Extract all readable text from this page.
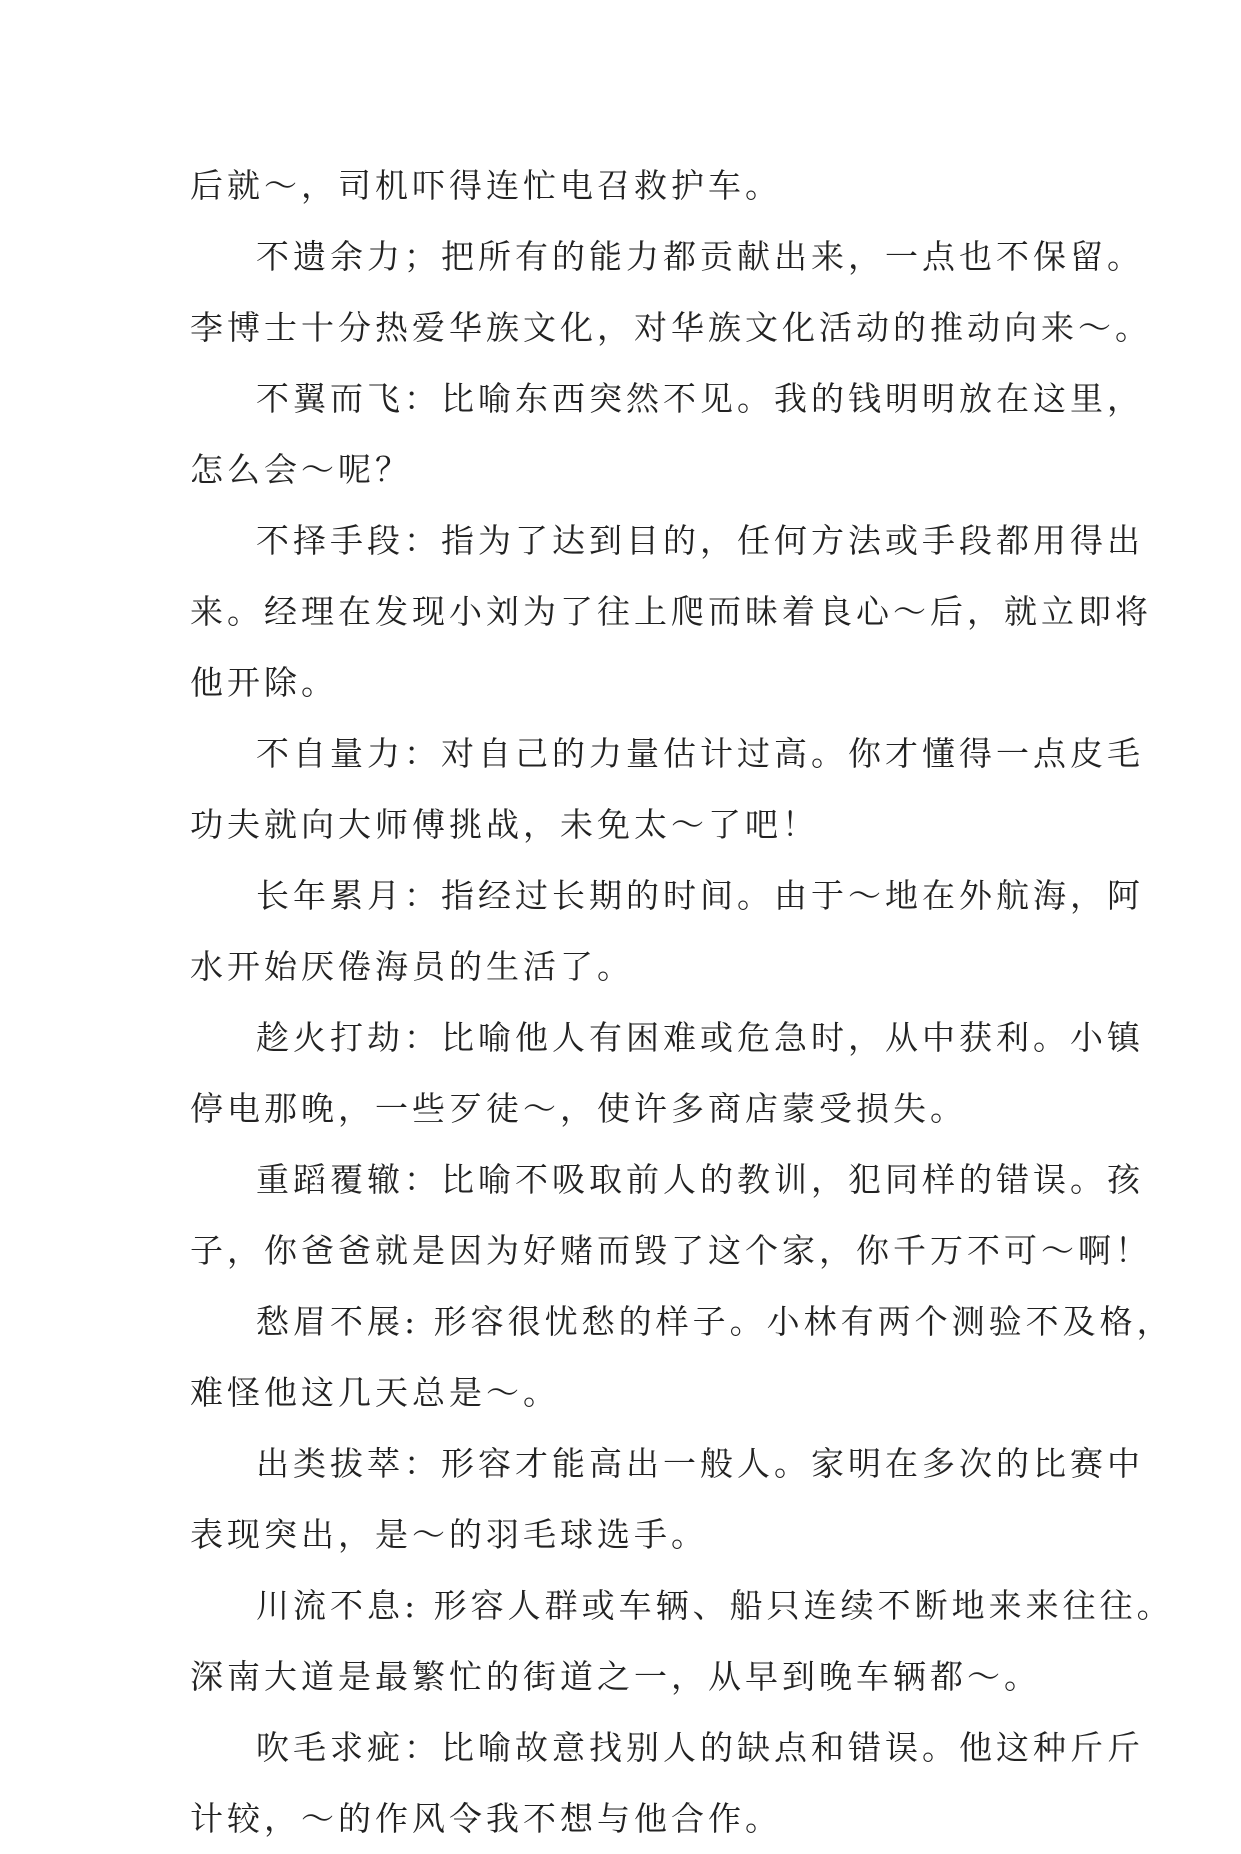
后就～，司机吓得连忙电召救护车。
不遗余力；把所有的能力都贡献出来，一点也不保留。
李博士十分热爱华族文化，对华族文化活动的推动向来～。
不翼而飞：比喻东西突然不见。我的钱明明放在这里，
怎么会～呢？
不择手段：指为了达到目的，任何方法或手段都用得出
来。经理在发现小刘为了往上爬而昧着良心～后，就立即将
他开除。
不自量力：对自己的力量估计过高。你才懂得一点皮毛
功夫就向大师傅挑战，未免太～了吧！
长年累月：指经过长期的时间。由于～地在外航海，阿
水开始厌倦海员的生活了。
趁火打劫：比喻他人有困难或危急时，从中获利。小镇
停电那晚，一些歹徒～，使许多商店蒙受损失。
重蹈覆辙：比喻不吸取前人的教训，犯同样的错误。孩
子，你爸爸就是因为好赌而毁了这个家，你千万不可～啊！
愁眉不展: 形容很忧愁的样子。小林有两个测验不及格，
难怪他这几天总是～。
出类拔萃：形容才能高出一般人。家明在多次的比赛中
表现突出，是～的羽毛球选手。
川流不息: 形容人群或车辆、船只连续不断地来来往往。
深南大道是最繁忙的街道之一，从早到晚车辆都～。
吹毛求疵：比喻故意找别人的缺点和错误。他这种斤斤
计较，～的作风令我不想与他合作。
